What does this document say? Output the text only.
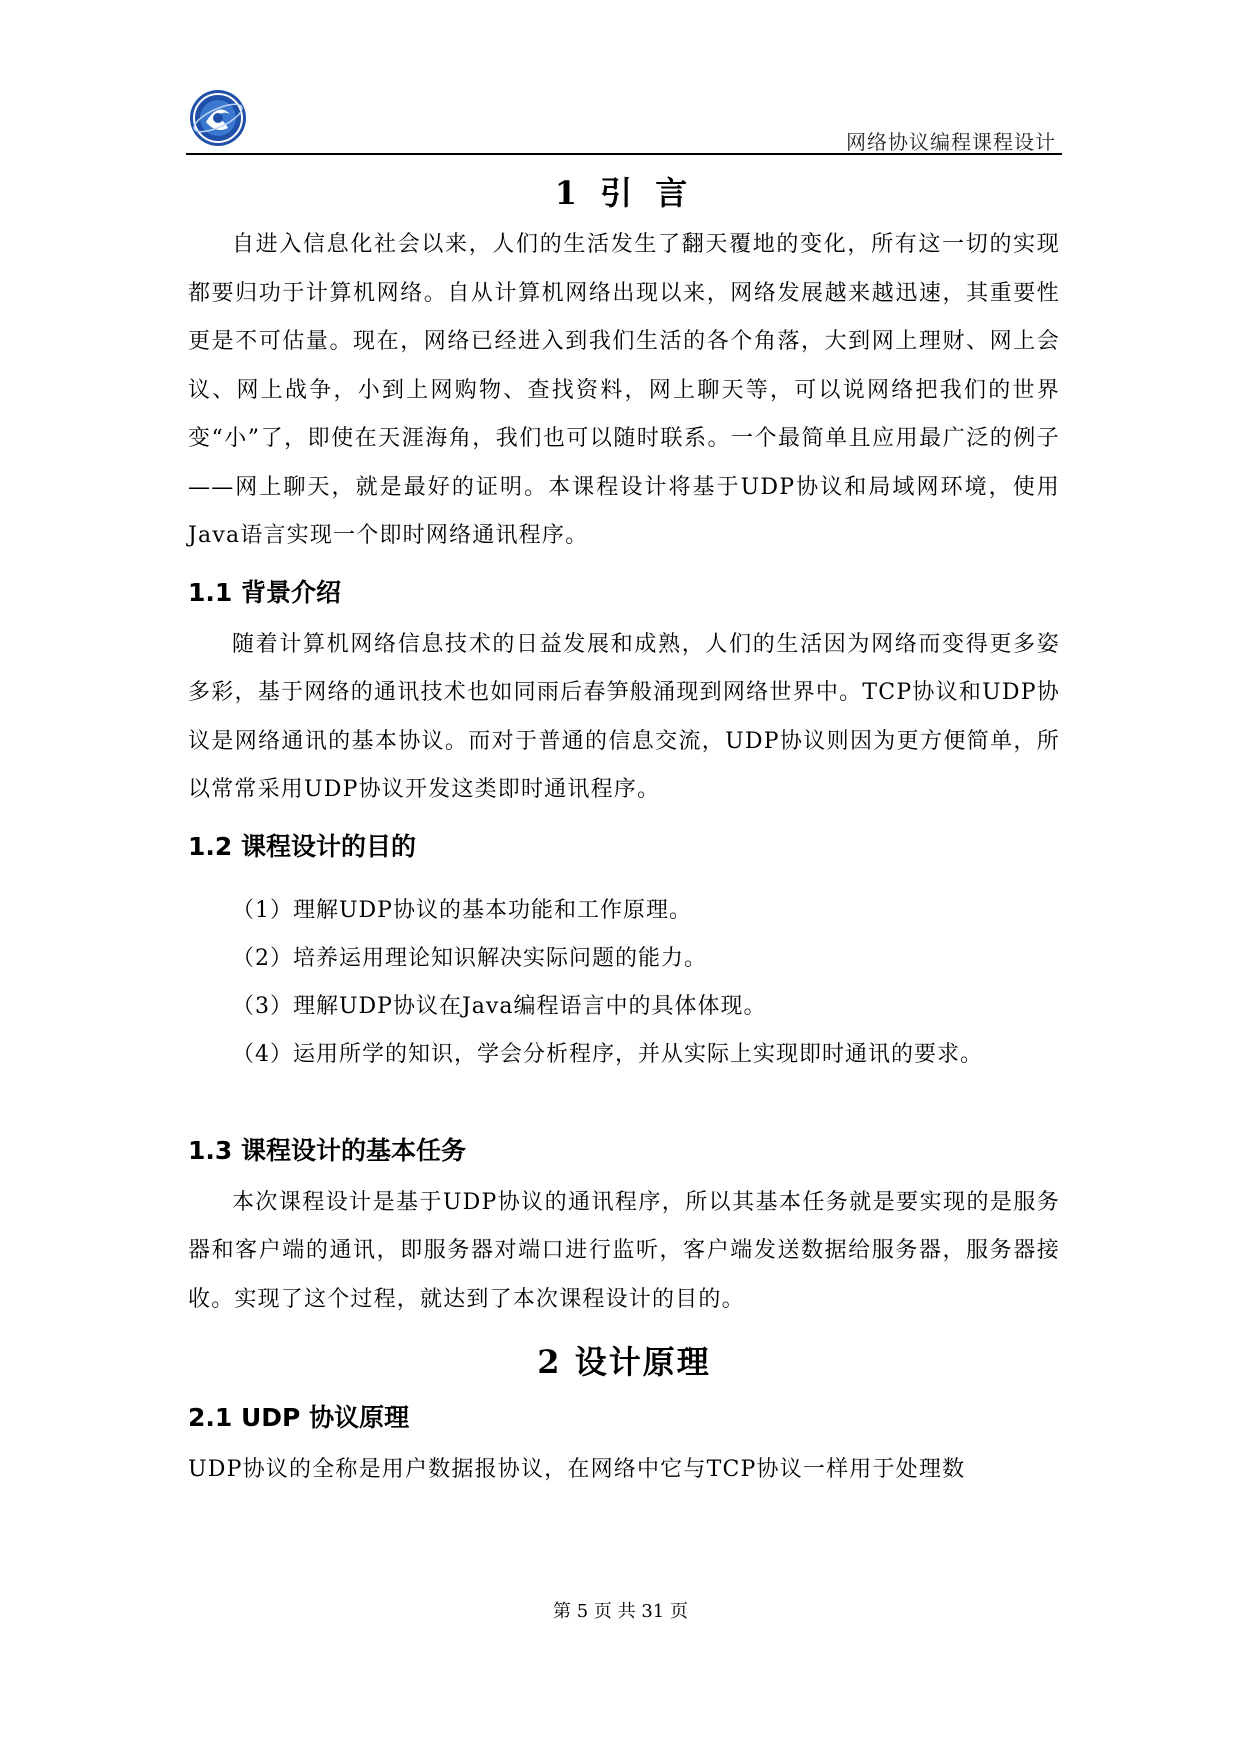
网络协议编程课程设计
1 引 言

自进入信息化社会以来，人们的生活发生了翻天覆地的变化，所有这一切的实现都要归功于计算机网络。自从计算机网络出现以来，网络发展越来越迅速，其重要性更是不可估量。现在，网络已经进入到我们生活的各个角落，大到网上理财、网上会议、网上战争，小到上网购物、查找资料，网上聊天等，可以说网络把我们的世界变“小”了，即使在天涯海角，我们也可以随时联系。一个最简单且应用最广泛的例子——网上聊天，就是最好的证明。本课程设计将基于UDP协议和局域网环境，使用Java语言实现一个即时网络通讯程序。

1.1 背景介绍

随着计算机网络信息技术的日益发展和成熟，人们的生活因为网络而变得更多姿多彩，基于网络的通讯技术也如同雨后春笋般涌现到网络世界中。TCP协议和UDP协议是网络通讯的基本协议。而对于普通的信息交流，UDP协议则因为更方便简单，所以常常采用UDP协议开发这类即时通讯程序。

1.2 课程设计的目的
（1）理解UDP协议的基本功能和工作原理。
（2）培养运用理论知识解决实际问题的能力。
（3）理解UDP协议在Java编程语言中的具体体现。
（4）运用所学的知识，学会分析程序，并从实际上实现即时通讯的要求。
1.3 课程设计的基本任务

本次课程设计是基于UDP协议的通讯程序，所以其基本任务就是要实现的是服务器和客户端的通讯，即服务器对端口进行监听，客户端发送数据给服务器，服务器接收。实现了这个过程，就达到了本次课程设计的目的。

2 设计原理
2.1 UDP 协议原理

UDP协议的全称是用户数据报协议，在网络中它与TCP协议一样用于处理数

第 5 页 共 31 页
